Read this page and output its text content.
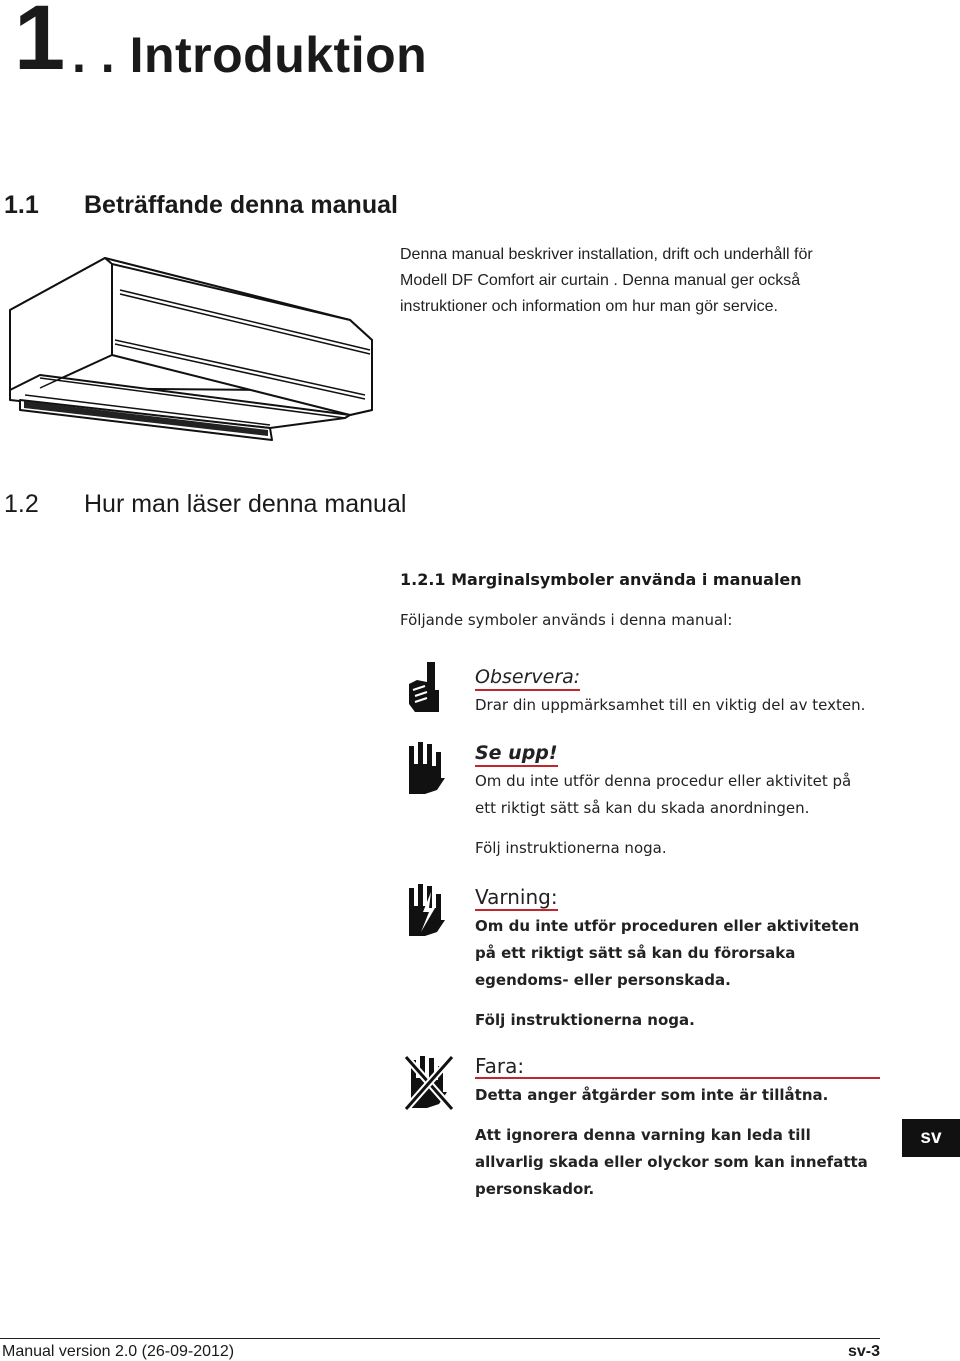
1 . . Introduktion
1.1 Beträffande denna manual
Denna manual beskriver installation, drift och underhåll för
Modell DF Comfort air curtain . Denna manual ger också
instruktioner och information om hur man gör service.
1.2 Hur man läser denna manual
1.2.1 Marginalsymboler använda i manualen
Följande symboler används i denna manual:
Observera:
Drar din uppmärksamhet till en viktig del av texten.
Se upp!
Om du inte utför denna procedur eller aktivitet på
ett riktigt sätt så kan du skada anordningen.
Följ instruktionerna noga.
Varning:
Om du inte utför proceduren eller aktiviteten
på ett riktigt sätt så kan du förorsaka
egendoms- eller personskada.
Följ instruktionerna noga.
Fara:
Detta anger åtgärder som inte är tillåtna.
Att ignorera denna varning kan leda till
allvarlig skada eller olyckor som kan innefatta
personskador.
sv
Manual version 2.0 (26-09-2012)	sv-3
